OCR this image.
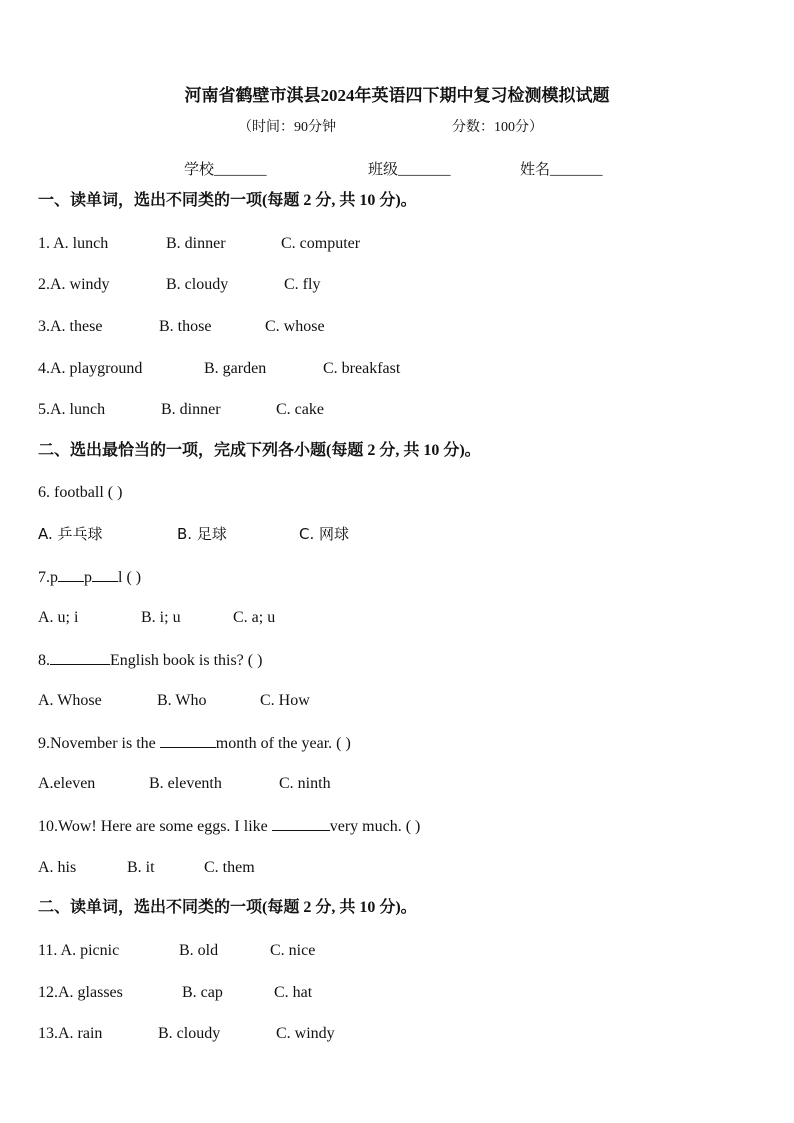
河南省鹤壁市淇县2024年英语四下期中复习检测模拟试题
（时间：90分钟	分数：100分）
学校_______	班级_______	姓名_______
一、读单词，选出不同类的一项(每题 2 分, 共 10 分)。
1. A. lunch	B. dinner	C. computer
2.A. windy	B. cloudy	C. fly
3.A. these	B. those	C. whose
4.A. playground	B. garden	C. breakfast
5.A. lunch	B. dinner	C. cake
二、选出最恰当的一项，完成下列各小题(每题 2 分, 共 10 分)。
6. football ( )
A. 乒乓球	B. 足球	C. 网球
7.p p l ( )
A. u; i	B. i; u	C. a; u
8.	English book is this? ( )
A. Whose	B. Who	C. How
9.November is the	month of the year. ( )
A.eleven	B. eleventh	C. ninth
10.Wow! Here are some eggs. I like	very much. ( )
A. his	B. it	C. them
二、读单词，选出不同类的一项(每题 2 分, 共 10 分)。
11. A. picnic	B. old	C. nice
12.A. glasses	B. cap	C. hat
13.A. rain	B. cloudy	C. windy
